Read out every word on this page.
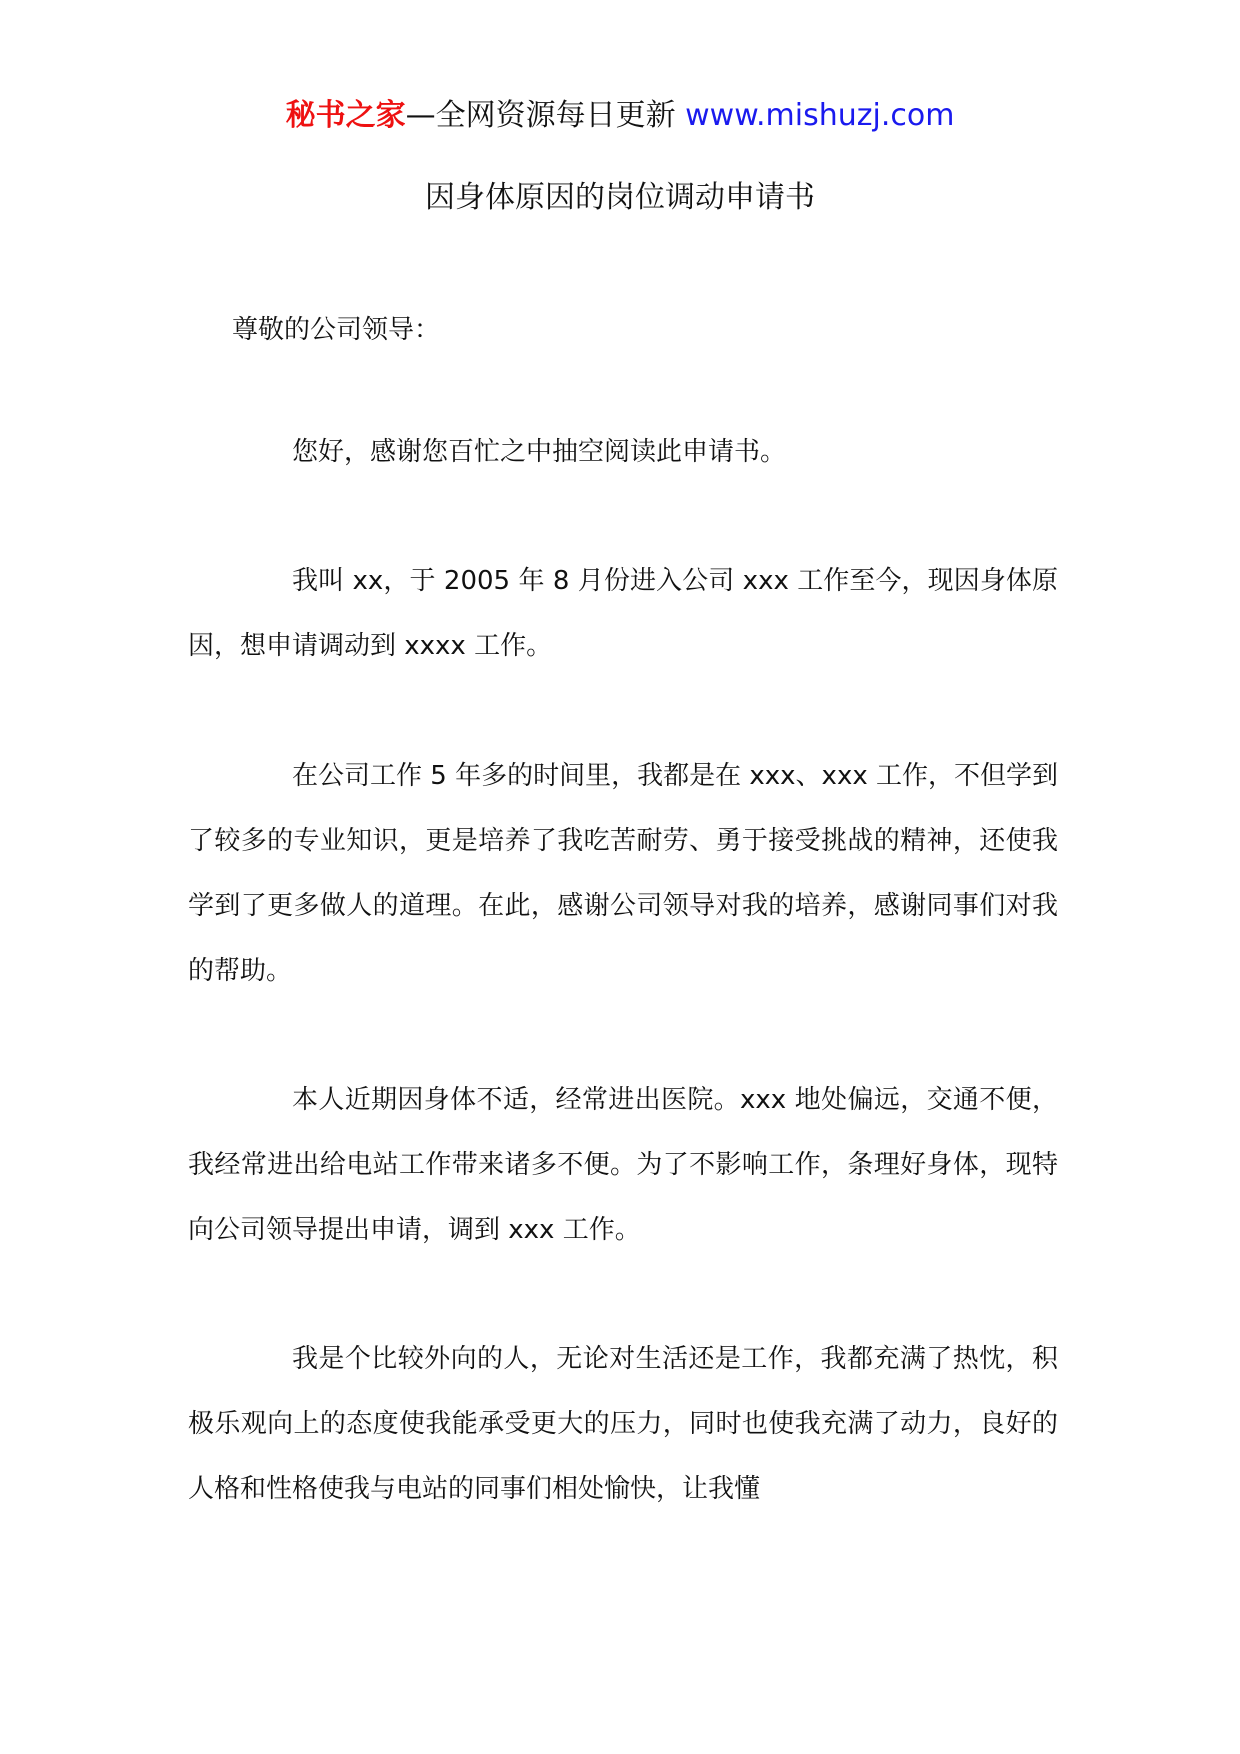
秘书之家—全网资源每日更新 www.mishuzj.com
因身体原因的岗位调动申请书
尊敬的公司领导：

您好，感谢您百忙之中抽空阅读此申请书。

我叫 xx，于 2005 年 8 月份进入公司 xxx 工作至今，现因身体原因，想申请调动到 xxxx 工作。

在公司工作 5 年多的时间里，我都是在 xxx、xxx 工作，不但学到了较多的专业知识，更是培养了我吃苦耐劳、勇于接受挑战的精神，还使我学到了更多做人的道理。在此，感谢公司领导对我的培养，感谢同事们对我的帮助。

本人近期因身体不适，经常进出医院。xxx 地处偏远，交通不便，我经常进出给电站工作带来诸多不便。为了不影响工作，条理好身体，现特向公司领导提出申请，调到 xxx 工作。

我是个比较外向的人，无论对生活还是工作，我都充满了热忱，积极乐观向上的态度使我能承受更大的压力，同时也使我充满了动力，良好的人格和性格使我与电站的同事们相处愉快，让我懂
